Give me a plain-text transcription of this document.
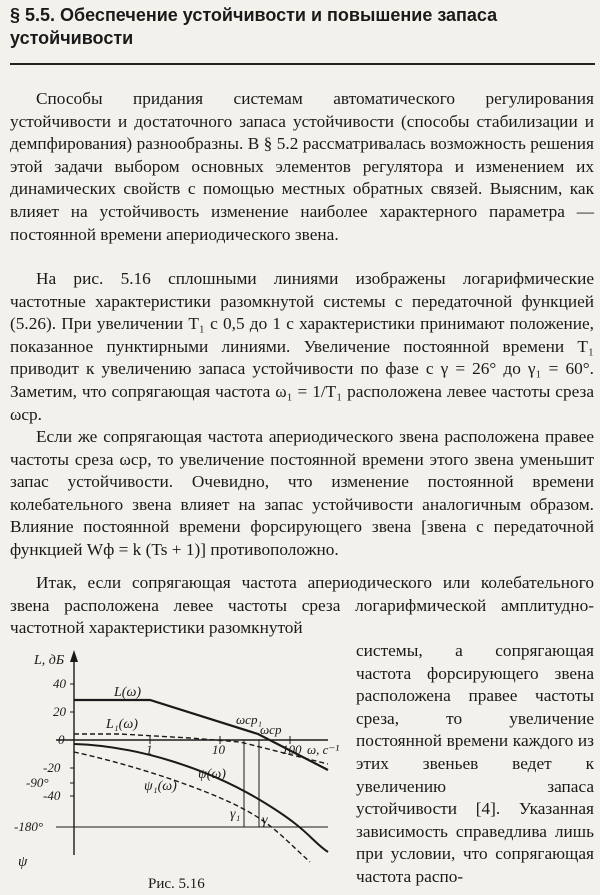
§ 5.5. Обеспечение устойчивости и повышение запаса устойчивости

Способы придания системам автоматического регулирования устойчивости и достаточного запаса устойчивости (способы стабилизации и демпфирования) разнообразны. В § 5.2 рассматривалась возможность решения этой задачи выбором основных элементов регулятора и изменением их динамических свойств с помощью местных обратных связей. Выясним, как влияет на устойчивость изменение наиболее характерного параметра — постоянной времени апериодического звена.

На рис. 5.16 сплошными линиями изображены логарифмические частотные характеристики разомкнутой системы с передаточной функцией (5.26). При увеличении T₁ с 0,5 до 1 с характеристики принимают положение, показанное пунктирными линиями. Увеличение постоянной времени T₁ приводит к увеличению запаса устойчивости по фазе с γ = 26° до γ₁ = 60°. Заметим, что сопрягающая частота ω₁ = 1/T₁ расположена левее частоты среза ωср.

Если же сопрягающая частота апериодического звена расположена правее частоты среза ωср, то увеличение постоянной времени этого звена уменьшит запас устойчивости. Очевидно, что изменение постоянной времени колебательного звена влияет на запас устойчивости аналогичным образом. Влияние постоянной времени форсирующего звена [звена с передаточной функцией Wф = k (Ts + 1)] противоположно.

Итак, если сопрягающая частота апериодического или колебательного звена расположена левее частоты среза логарифмической амплитудно-частотной характеристики разомкнутой

системы, а сопрягающая частота форсирующего звена расположена правее частоты среза, то увеличение постоянной времени каждого из этих звеньев ведет к увеличению запаса устойчивости [4]. Указанная зависимость справедлива лишь при условии, что сопрягающая частота распо-

L, дБ
ψ
40
20
0
-20
-40
-90°
-180°
1	10	100 ω, с⁻¹
L(ω)
L₁(ω)
ψ(ω)
ψ₁(ω)
ωср₁
ωср
γ₁ γ
Рис. 5.16
